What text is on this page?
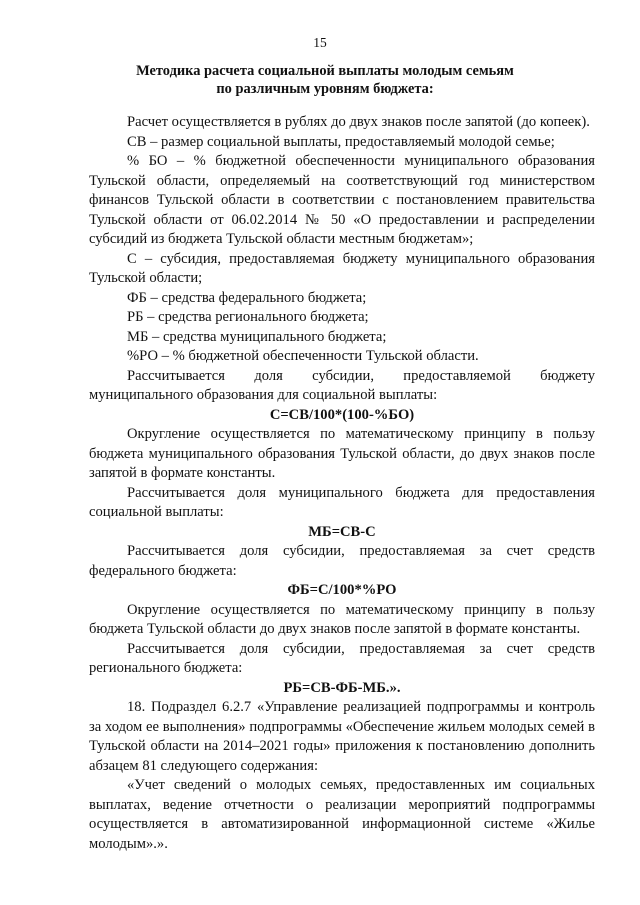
15
Методика расчета социальной выплаты молодым семьям
по различным уровням бюджета:

Расчет осуществляется в рублях до двух знаков после запятой (до копеек).

СВ – размер социальной выплаты, предоставляемый молодой семье;

% БО – % бюджетной обеспеченности муниципального образования Тульской области, определяемый на соответствующий год министерством финансов Тульской области в соответствии с постановлением правительства Тульской области от 06.02.2014 № 50 «О предоставлении и распределении субсидий из бюджета Тульской области местным бюджетам»;

С – субсидия, предоставляемая бюджету муниципального образования Тульской области;

ФБ – средства федерального бюджета;

РБ – средства регионального бюджета;

МБ – средства муниципального бюджета;

%РО – % бюджетной обеспеченности Тульской области.

Рассчитывается доля субсидии, предоставляемой бюджету муниципального образования для социальной выплаты:

С=СВ/100*(100-%БО)

Округление осуществляется по математическому принципу в пользу бюджета муниципального образования Тульской области, до двух знаков после запятой в формате константы.

Рассчитывается доля муниципального бюджета для предоставления социальной выплаты:

МБ=СВ-С

Рассчитывается доля субсидии, предоставляемая за счет средств федерального бюджета:

ФБ=С/100*%РО

Округление осуществляется по математическому принципу в пользу бюджета Тульской области до двух знаков после запятой в формате константы.

Рассчитывается доля субсидии, предоставляемая за счет средств регионального бюджета:

РБ=СВ-ФБ-МБ.».

18. Подраздел 6.2.7 «Управление реализацией подпрограммы и контроль за ходом ее выполнения» подпрограммы «Обеспечение жильем молодых семей в Тульской области на 2014–2021 годы» приложения к постановлению дополнить абзацем 81 следующего содержания:

«Учет сведений о молодых семьях, предоставленных им социальных выплатах, ведение отчетности о реализации мероприятий подпрограммы осуществляется в автоматизированной информационной системе «Жилье молодым».».
